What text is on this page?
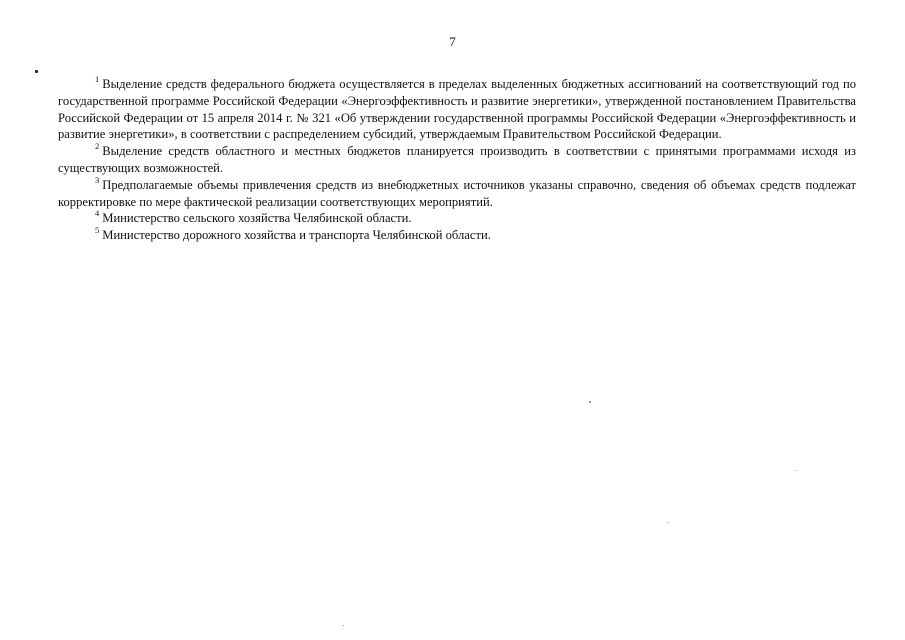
7

$^1$ Выделение средств федерального бюджета осуществляется в пределах выделенных бюджетных ассигнований на соответствующий год по государственной программе Российской Федерации «Энергоэффективность и развитие энергетики», утвержденной постановлением Правительства Российской Федерации от 15 апреля 2014 г. № 321 «Об утверждении государственной программы Российской Федерации «Энергоэффективность и развитие энергетики», в соответствии с распределением субсидий, утверждаемым Правительством Российской Федерации.

$^2$ Выделение средств областного и местных бюджетов планируется производить в соответствии с принятыми программами исходя из существующих возможностей.

$^3$ Предполагаемые объемы привлечения средств из внебюджетных источников указаны справочно, сведения об объемах средств подлежат корректировке по мере фактической реализации соответствующих мероприятий.

$^4$ Министерство сельского хозяйства Челябинской области.

$^5$ Министерство дорожного хозяйства и транспорта Челябинской области.
